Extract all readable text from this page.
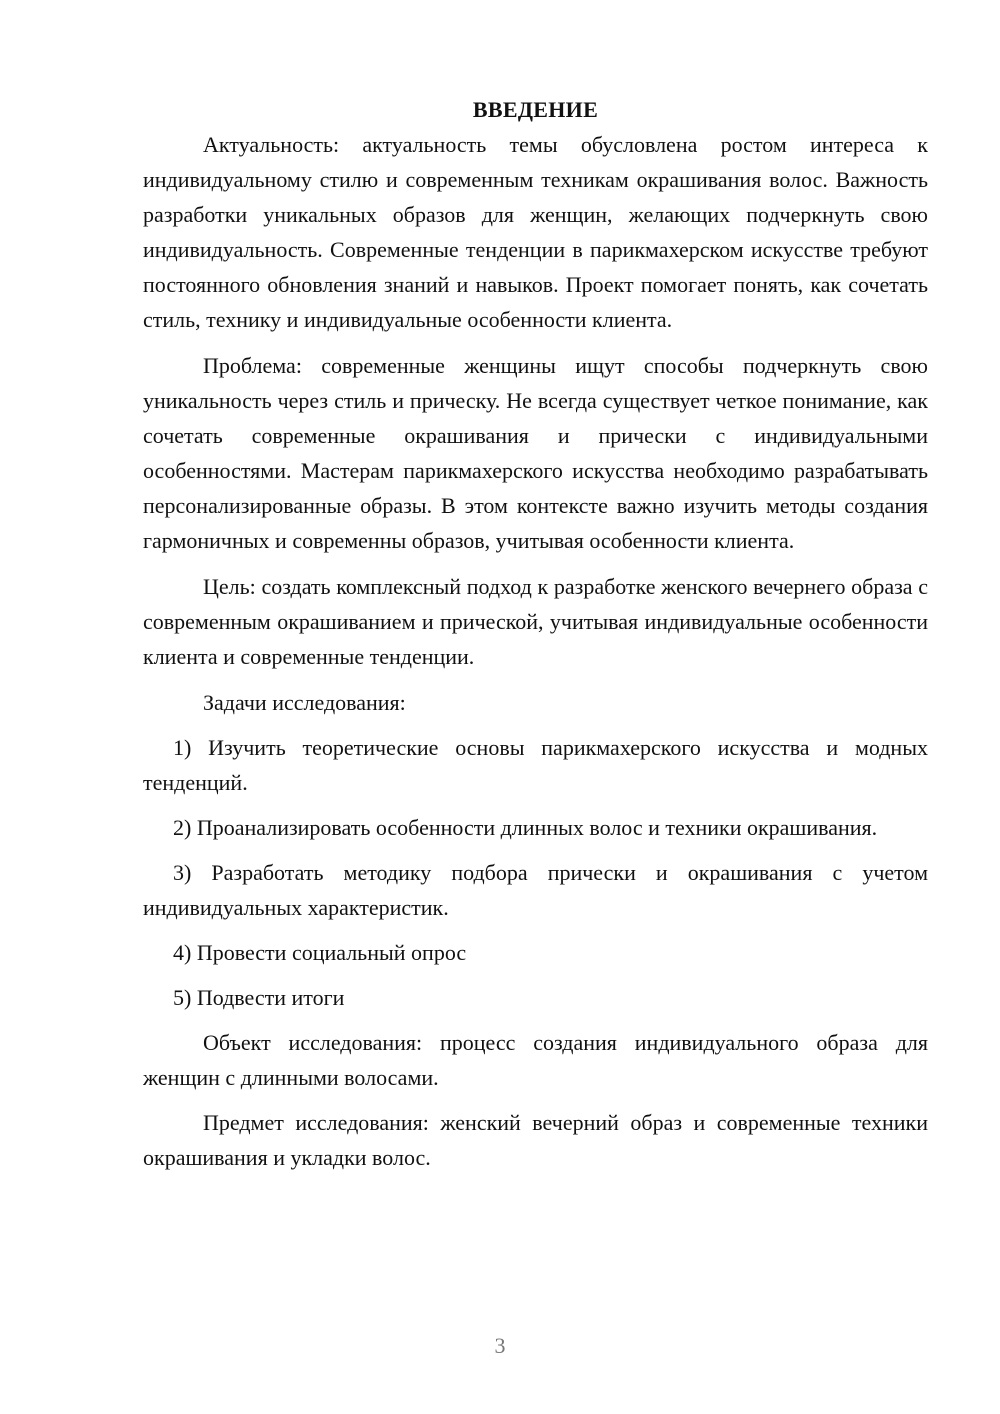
ВВЕДЕНИЕ

Актуальность: актуальность темы обусловлена ростом интереса к индивидуальному стилю и современным техникам окрашивания волос. Важность разработки уникальных образов для женщин, желающих подчеркнуть свою индивидуальность. Современные тенденции в парикмахерском искусстве требуют постоянного обновления знаний и навыков. Проект помогает понять, как сочетать стиль, технику и индивидуальные особенности клиента.

Проблема: современные женщины ищут способы подчеркнуть свою уникальность через стиль и прическу. Не всегда существует четкое понимание, как сочетать современные окрашивания и прически с индивидуальными особенностями. Мастерам парикмахерского искусства необходимо разрабатывать персонализированные образы. В этом контексте важно изучить методы создания гармоничных и современны образов, учитывая особенности клиента.

Цель: создать комплексный подход к разработке женского вечернего образа с современным окрашиванием и прической, учитывая индивидуальные особенности клиента и современные тенденции.

Задачи исследования:

1) Изучить теоретические основы парикмахерского искусства и модных тенденций.

2) Проанализировать особенности длинных волос и техники окрашивания.

3) Разработать методику подбора прически и окрашивания с учетом индивидуальных характеристик.

4) Провести социальный опрос

5) Подвести итоги

Объект исследования: процесс создания индивидуального образа для женщин с длинными волосами.

Предмет исследования: женский вечерний образ и современные техники окрашивания и укладки волос.

3
